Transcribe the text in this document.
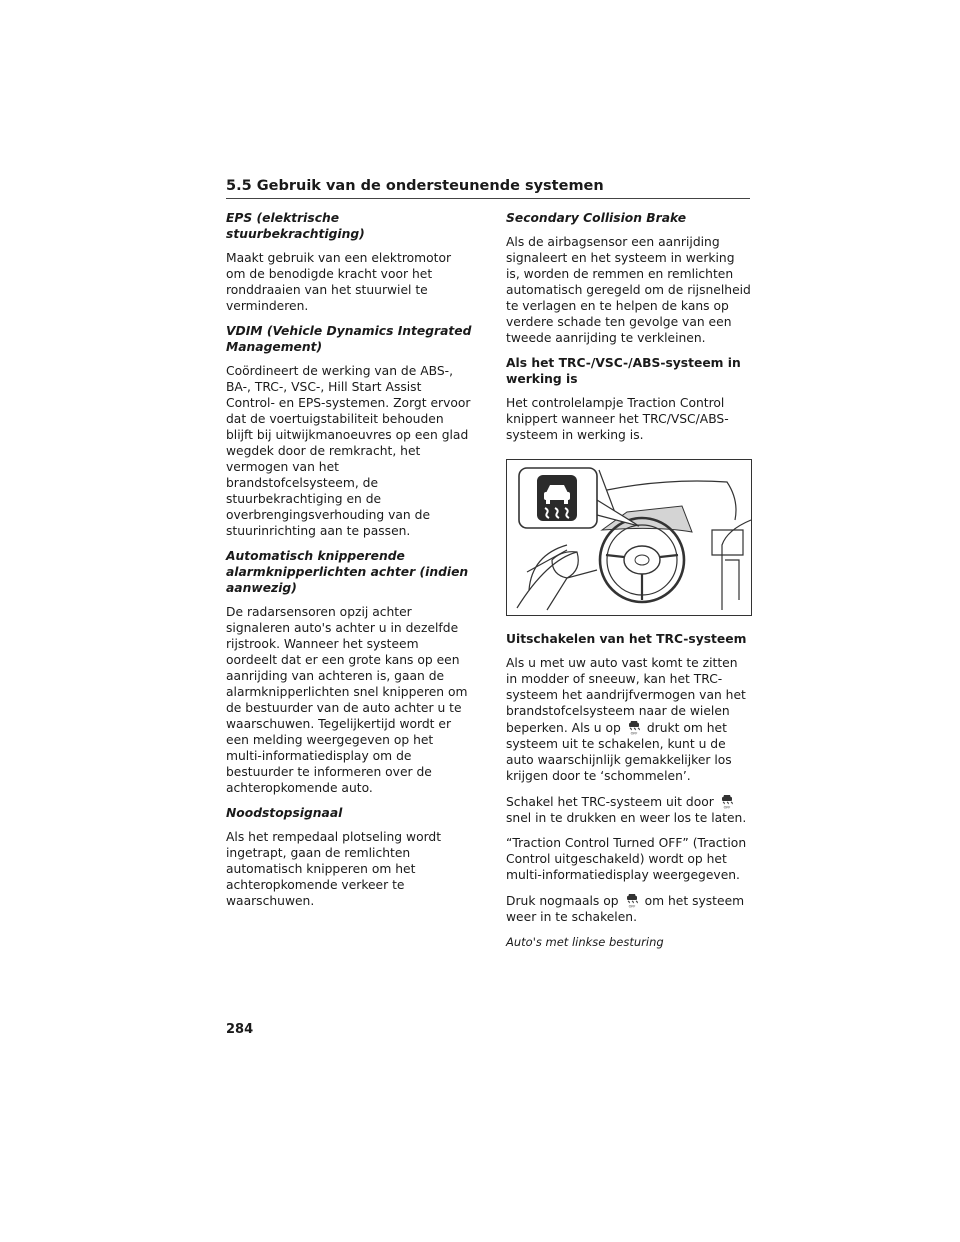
5.5 Gebruik van de ondersteunende systemen
EPS (elektrische stuurbekrachtiging)

Maakt gebruik van een elektromotor om de benodigde kracht voor het ronddraaien van het stuurwiel te verminderen.

VDIM (Vehicle Dynamics Integrated Management)

Coördineert de werking van de ABS-, BA-, TRC-, VSC-, Hill Start Assist Control- en EPS-systemen. Zorgt ervoor dat de voertuigstabiliteit behouden blijft bij uitwijkmanoeuvres op een glad wegdek door de remkracht, het vermogen van het brandstofcelsysteem, de stuurbekrachtiging en de overbrengingsverhouding van de stuurinrichting aan te passen.

Automatisch knipperende alarmknipperlichten achter (indien aanwezig)

De radarsensoren opzij achter signaleren auto's achter u in dezelfde rijstrook. Wanneer het systeem oordeelt dat er een grote kans op een aanrijding van achteren is, gaan de alarmknipperlichten snel knipperen om de bestuurder van de auto achter u te waarschuwen. Tegelijkertijd wordt er een melding weergegeven op het multi-informatiedisplay om de bestuurder te informeren over de achteropkomende auto.

Noodstopsignaal

Als het rempedaal plotseling wordt ingetrapt, gaan de remlichten automatisch knipperen om het achteropkomende verkeer te waarschuwen.

Secondary Collision Brake

Als de airbagsensor een aanrijding signaleert en het systeem in werking is, worden de remmen en remlichten automatisch geregeld om de rijsnelheid te verlagen en te helpen de kans op verdere schade ten gevolge van een tweede aanrijding te verkleinen.

Als het TRC-/VSC-/ABS-systeem in werking is

Het controlelampje Traction Control knippert wanneer het TRC/VSC/ABS-systeem in werking is.

Uitschakelen van het TRC-systeem

Als u met uw auto vast komt te zitten in modder of sneeuw, kan het TRC-systeem het aandrijfvermogen van het brandstofcelsysteem naar de wielen beperken. Als u op	OFF drukt om het systeem uit te schakelen, kunt u de auto waarschijnlijk gemakkelijker los krijgen door te ‘schommelen’.

Schakel het TRC-systeem uit door	OFF
snel in te drukken en weer los te laten.

“Traction Control Turned OFF” (Traction Control uitgeschakeld) wordt op het multi-informatiedisplay weergegeven.

Druk nogmaals op	OFF om het systeem weer in te schakelen.

Auto's met linkse besturing

284
